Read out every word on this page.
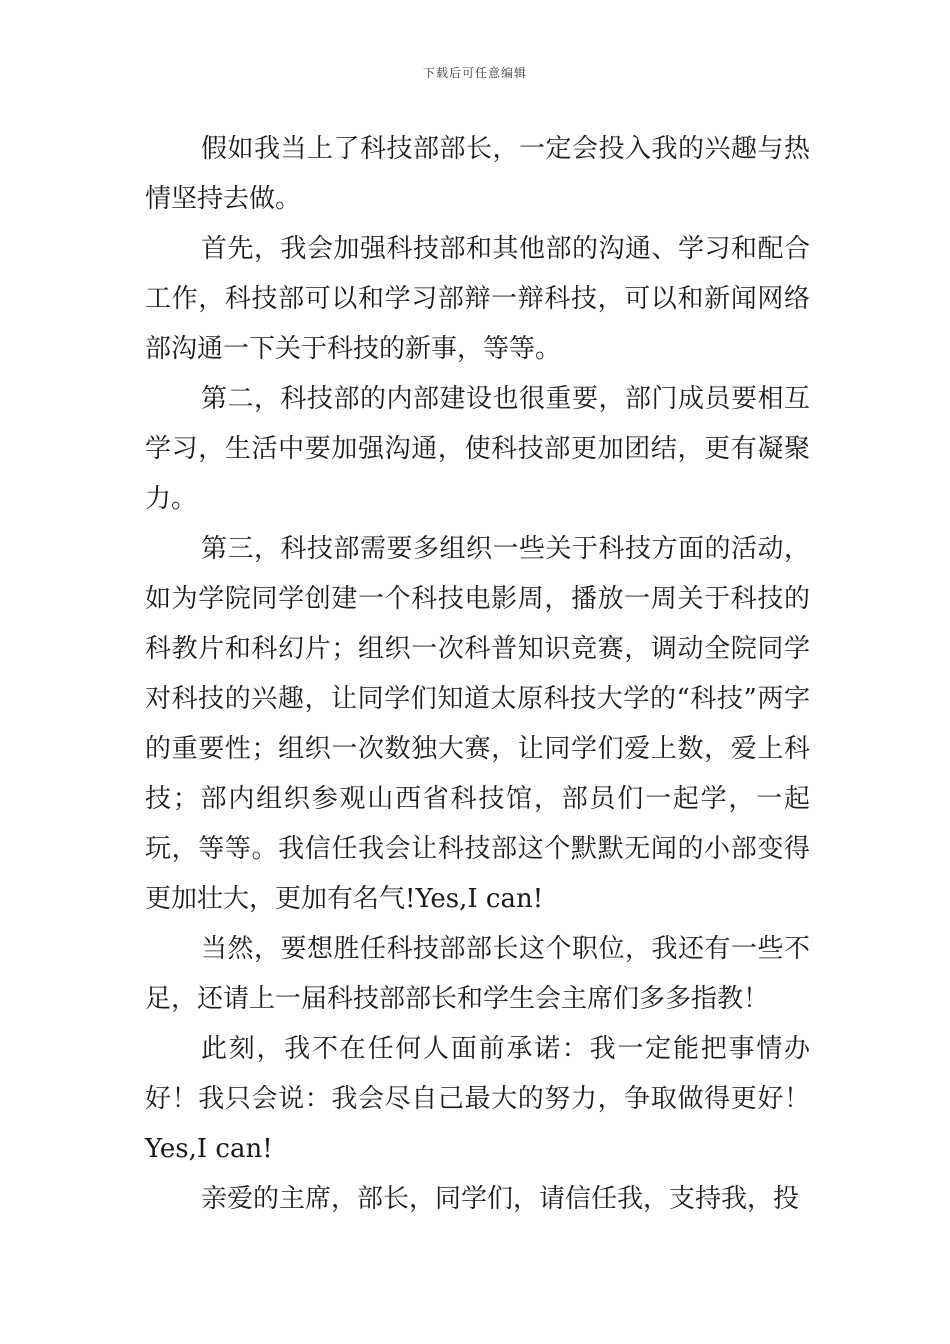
下载后可任意编辑

假如我当上了科技部部长，一定会投入我的兴趣与热情坚持去做。

首先，我会加强科技部和其他部的沟通、学习和配合工作，科技部可以和学习部辩一辩科技，可以和新闻网络部沟通一下关于科技的新事，等等。

第二，科技部的内部建设也很重要，部门成员要相互学习，生活中要加强沟通，使科技部更加团结，更有凝聚力。

第三，科技部需要多组织一些关于科技方面的活动，如为学院同学创建一个科技电影周，播放一周关于科技的科教片和科幻片；组织一次科普知识竞赛，调动全院同学对科技的兴趣，让同学们知道太原科技大学的“科技”两字的重要性；组织一次数独大赛，让同学们爱上数，爱上科技；部内组织参观山西省科技馆，部员们一起学，一起玩，等等。我信任我会让科技部这个默默无闻的小部变得更加壮大，更加有名气!Yes,I can!

当然，要想胜任科技部部长这个职位，我还有一些不足，还请上一届科技部部长和学生会主席们多多指教！

此刻，我不在任何人面前承诺：我一定能把事情办好！我只会说：我会尽自己最大的努力，争取做得更好！Yes,I can!

亲爱的主席，部长，同学们，请信任我，支持我，投
